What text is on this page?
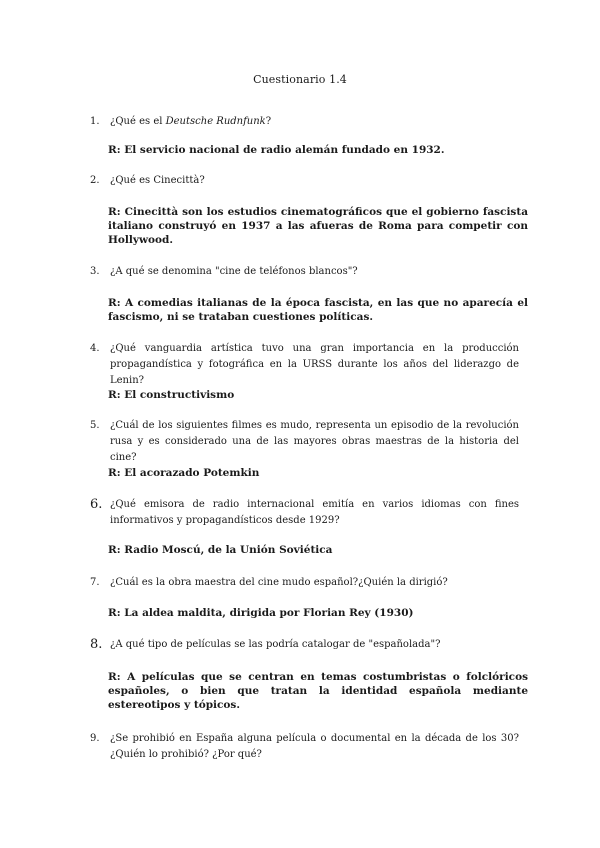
Cuestionario 1.4
1.	¿Qué es el Deutsche Rudnfunk?
R: El servicio nacional de radio alemán fundado en 1932.
2.	¿Qué es Cinecittà?
R: Cinecittà son los estudios cinematográficos que el gobierno fascista italiano construyó en 1937 a las afueras de Roma para competir con Hollywood.
3.	¿A qué se denomina "cine de teléfonos blancos"?
R: A comedias italianas de la época fascista, en las que no aparecía el fascismo, ni se trataban cuestiones políticas.
4.	¿Qué vanguardia artística tuvo una gran importancia en la producción propagandística y fotográfica en la URSS durante los años del liderazgo de Lenin?
R: El constructivismo
5.	¿Cuál de los siguientes filmes es mudo, representa un episodio de la revolución rusa y es considerado una de las mayores obras maestras de la historia del cine?
R: El acorazado Potemkin
6. ¿Qué emisora de radio internacional emitía en varios idiomas con fines informativos y propagandísticos desde 1929?
R: Radio Moscú, de la Unión Soviética
7.	¿Cuál es la obra maestra del cine mudo español?¿Quién la dirigió?
R: La aldea maldita, dirigida por Florian Rey (1930)
8. ¿A qué tipo de películas se las podría catalogar de "españolada"?
R: A películas que se centran en temas costumbristas o folclóricos españoles, o bien que tratan la identidad española mediante estereotipos y tópicos.
9.	¿Se prohibió en España alguna película o documental en la década de los 30? ¿Quién lo prohibió? ¿Por qué?
